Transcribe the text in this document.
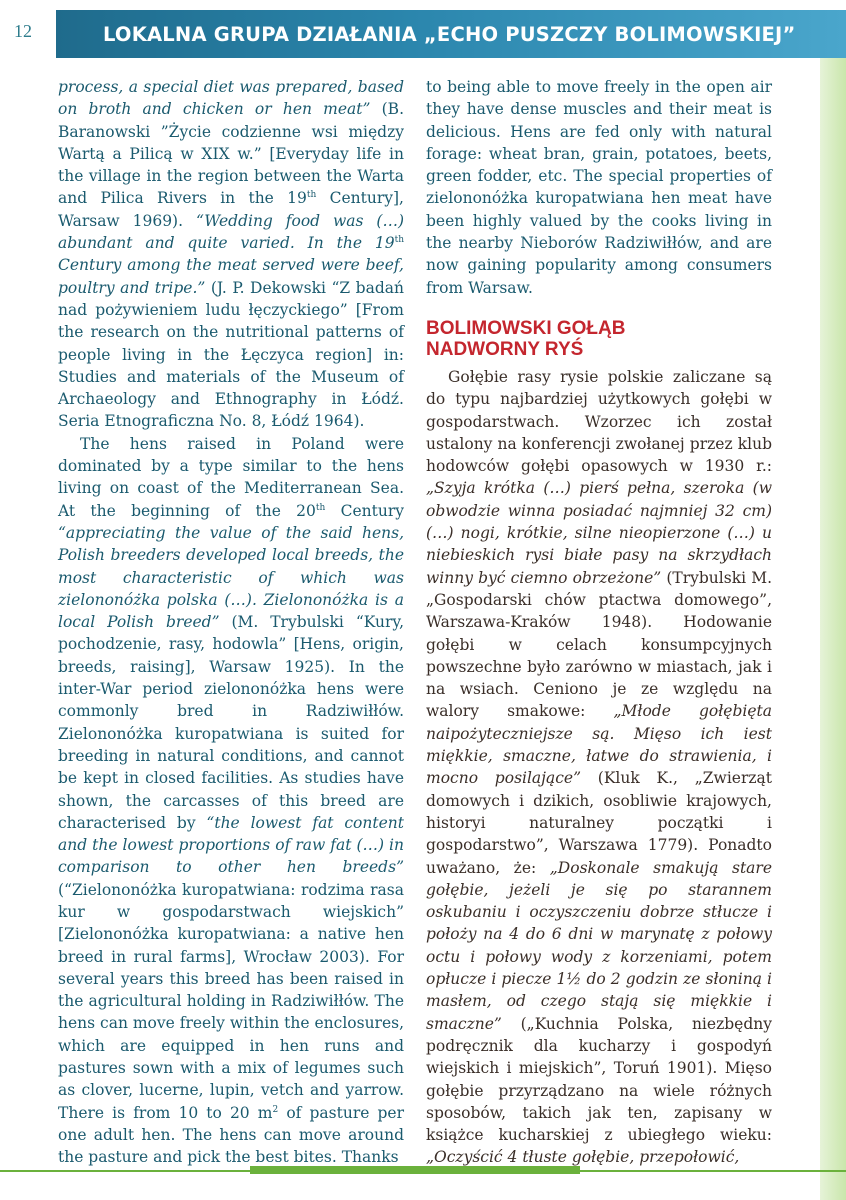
12	LOKALNA GRUPA DZIAŁANIA „ECHO PUSZCZY BOLIMOWSKIEJ”

process, a special diet was prepared, based on broth and chicken or hen meat” (B. Baranowski ”Życie codzienne wsi między Wartą a Pilicą w XIX w.” [Everyday life in the village in the region between the Warta and Pilica Rivers in the 19th Century], Warsaw 1969). “Wedding food was (…) abundant and quite varied. In the 19th Century among the meat served were beef, poultry and tripe.” (J. P. Dekowski “Z badań nad pożywieniem ludu łęczyckiego” [From the research on the nutritional patterns of people living in the Łęczyca region] in: Studies and materials of the Museum of Archaeology and Ethnography in Łódź. Seria Etnograficzna No. 8, Łódź 1964).

The hens raised in Poland were dominated by a type similar to the hens living on coast of the Mediterranean Sea. At the beginning of the 20th Century “appreciating the value of the said hens, Polish breeders developed local breeds, the most characteristic of which was zielononóżka polska (…). Zielononóżka is a local Polish breed” (M. Trybulski “Kury, pochodzenie, rasy, hodowla” [Hens, origin, breeds, raising], Warsaw 1925). In the inter-War period zielononóżka hens were commonly bred in Radziwiłłów. Zielononóżka kuropatwiana is suited for breeding in natural conditions, and cannot be kept in closed facilities. As studies have shown, the carcasses of this breed are characterised by “the lowest fat content and the lowest proportions of raw fat (…) in comparison to other hen breeds” (“Zielononóżka kuropatwiana: rodzima rasa kur w gospodarstwach wiejskich” [Zielononóżka kuropatwiana: a native hen breed in rural farms], Wrocław 2003). For several years this breed has been raised in the agricultural holding in Radziwiłłów. The hens can move freely within the enclosures, which are equipped in hen runs and pastures sown with a mix of legumes such as clover, lucerne, lupin, vetch and yarrow. There is from 10 to 20 $m^2$ of pasture per one adult hen. The hens can move around the pasture and pick the best bites. Thanks

to being able to move freely in the open air they have dense muscles and their meat is delicious. Hens are fed only with natural forage: wheat bran, grain, potatoes, beets, green fodder, etc. The special properties of zielononóżka kuropatwiana hen meat have been highly valued by the cooks living in the nearby Nieborów Radziwiłłów, and are now gaining popularity among consumers from Warsaw.

BOLIMOWSKI GOŁĄB
NADWORNY RYŚ

Gołębie rasy rysie polskie zaliczane są do typu najbardziej użytkowych gołębi w gospodarstwach. Wzorzec ich został ustalony na konferencji zwołanej przez klub hodowców gołębi opasowych w 1930 r.: „Szyja krótka (…) pierś pełna, szeroka (w obwodzie winna posiadać najmniej 32 cm) (…) nogi, krótkie, silne nieopierzone (…) u niebieskich rysi białe pasy na skrzydłach winny być ciemno obrzeżone” (Trybulski M. „Gospodarski chów ptactwa domowego”, Warszawa-Kraków 1948). Hodowanie gołębi w celach konsumpcyjnych powszechne było zarówno w miastach, jak i na wsiach. Ceniono je ze względu na walory smakowe: „Młode gołębięta naipożyteczniejsze są. Mięso ich iest miękkie, smaczne, łatwe do strawienia, i mocno posilające” (Kluk K., „Zwierząt domowych i dzikich, osobliwie krajowych, historyi naturalney początki i gospodarstwo”, Warszawa 1779). Ponadto uważano, że: „Doskonale smakują stare gołębie, jeżeli je się po starannem oskubaniu i oczyszczeniu dobrze stłucze i położy na 4 do 6 dni w marynatę z połowy octu i połowy wody z korzeniami, potem opłucze i piecze 1½ do 2 godzin ze słoniną i masłem, od czego stają się miękkie i smaczne” („Kuchnia Polska, niezbędny podręcznik dla kucharzy i gospodyń wiejskich i miejskich”, Toruń 1901). Mięso gołębie przyrządzano na wiele różnych sposobów, takich jak ten, zapisany w książce kucharskiej z ubiegłego wieku: „Oczyścić 4 tłuste gołębie, przepołowić,
